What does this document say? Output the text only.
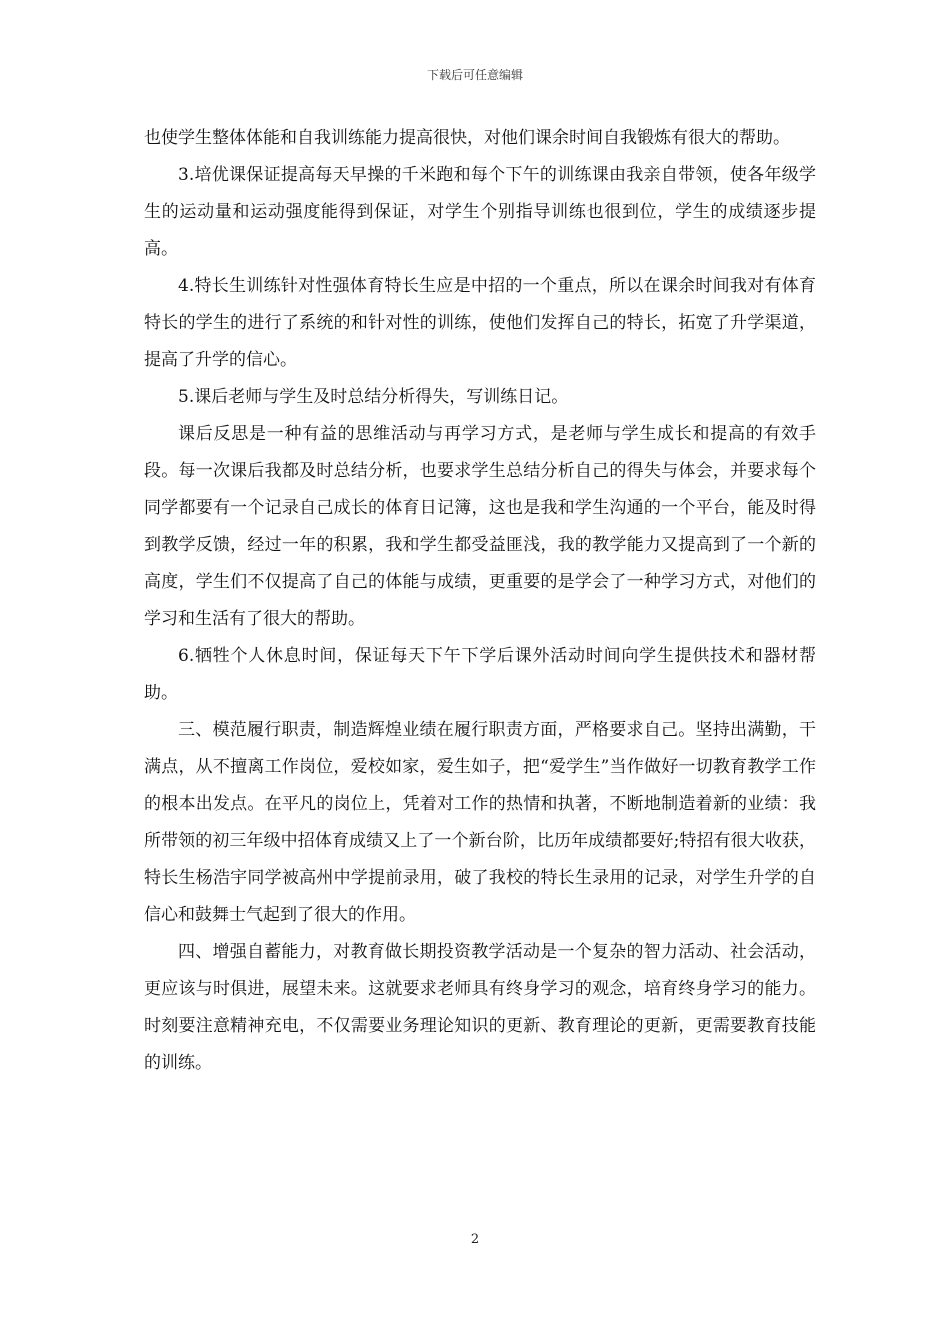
下载后可任意编辑

也使学生整体体能和自我训练能力提高很快，对他们课余时间自我锻炼有很大的帮助。

3.培优课保证提高每天早操的千米跑和每个下午的训练课由我亲自带领，使各年级学生的运动量和运动强度能得到保证，对学生个别指导训练也很到位，学生的成绩逐步提高。

4.特长生训练针对性强体育特长生应是中招的一个重点，所以在课余时间我对有体育特长的学生的进行了系统的和针对性的训练，使他们发挥自己的特长，拓宽了升学渠道，提高了升学的信心。

5.课后老师与学生及时总结分析得失，写训练日记。

课后反思是一种有益的思维活动与再学习方式，是老师与学生成长和提高的有效手段。每一次课后我都及时总结分析，也要求学生总结分析自己的得失与体会，并要求每个同学都要有一个记录自己成长的体育日记簿，这也是我和学生沟通的一个平台，能及时得到教学反馈，经过一年的积累，我和学生都受益匪浅，我的教学能力又提高到了一个新的高度，学生们不仅提高了自己的体能与成绩，更重要的是学会了一种学习方式，对他们的学习和生活有了很大的帮助。

6.牺牲个人休息时间，保证每天下午下学后课外活动时间向学生提供技术和器材帮助。

三、模范履行职责，制造辉煌业绩在履行职责方面，严格要求自己。坚持出满勤，干满点，从不擅离工作岗位，爱校如家，爱生如子，把“爱学生”当作做好一切教育教学工作的根本出发点。在平凡的岗位上，凭着对工作的热情和执著，不断地制造着新的业绩：我所带领的初三年级中招体育成绩又上了一个新台阶，比历年成绩都要好;特招有很大收获，特长生杨浩宇同学被高州中学提前录用，破了我校的特长生录用的记录，对学生升学的自信心和鼓舞士气起到了很大的作用。

四、增强自蓄能力，对教育做长期投资教学活动是一个复杂的智力活动、社会活动，更应该与时俱进，展望未来。这就要求老师具有终身学习的观念，培育终身学习的能力。时刻要注意精神充电，不仅需要业务理论知识的更新、教育理论的更新，更需要教育技能的训练。

2
